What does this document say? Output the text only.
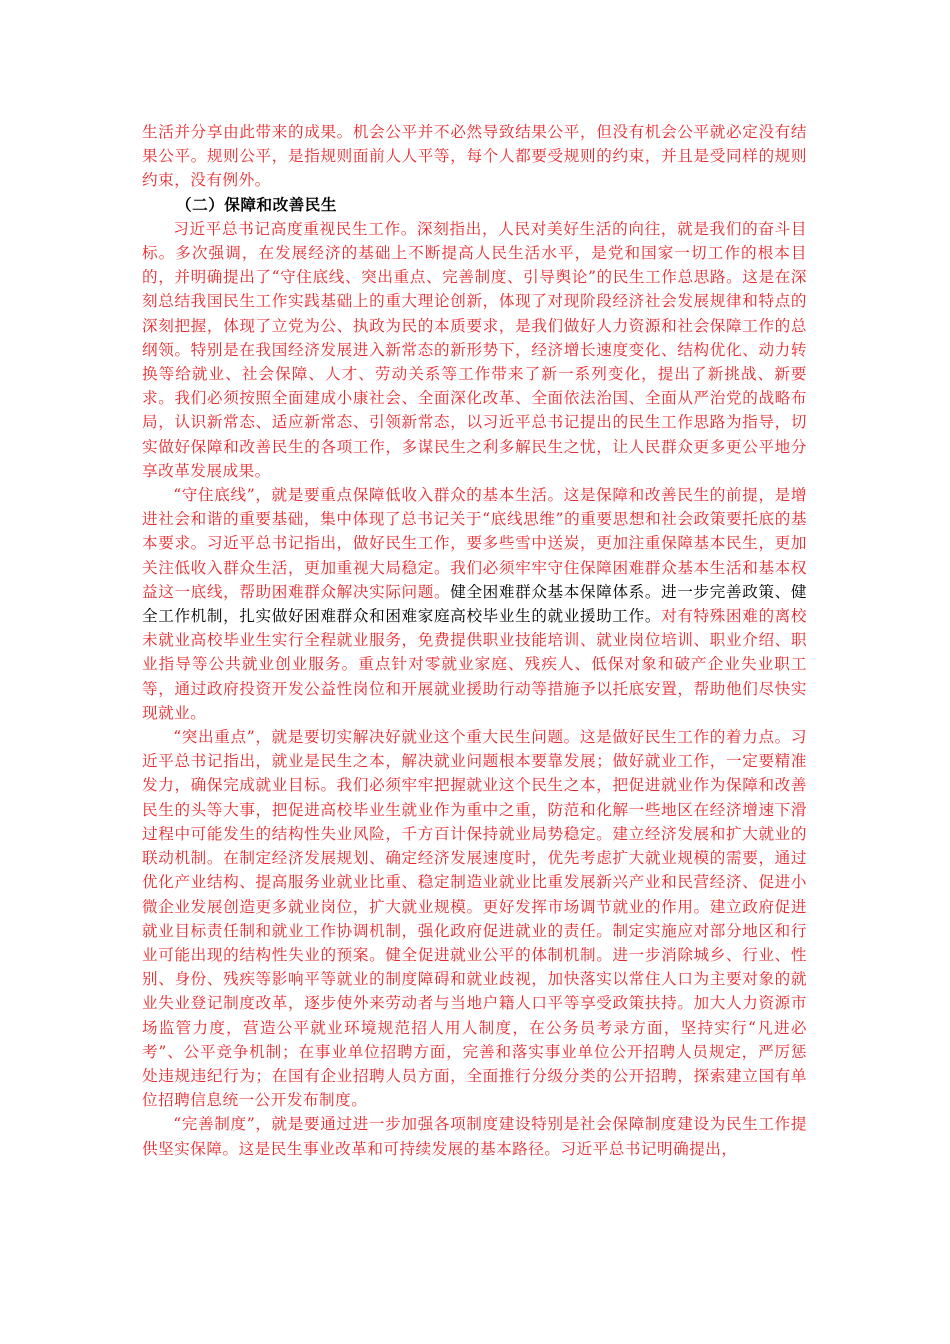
生活并分享由此带来的成果。机会公平并不必然导致结果公平，但没有机会公平就必定没有结果公平。规则公平，是指规则面前人人平等，每个人都要受规则的约束，并且是受同样的规则约束，没有例外。

（二）保障和改善民生

习近平总书记高度重视民生工作。深刻指出，人民对美好生活的向往，就是我们的奋斗目标。多次强调，在发展经济的基础上不断提高人民生活水平，是党和国家一切工作的根本目的，并明确提出了“守住底线、突出重点、完善制度、引导舆论”的民生工作总思路。这是在深刻总结我国民生工作实践基础上的重大理论创新，体现了对现阶段经济社会发展规律和特点的深刻把握，体现了立党为公、执政为民的本质要求，是我们做好人力资源和社会保障工作的总纲领。特别是在我国经济发展进入新常态的新形势下，经济增长速度变化、结构优化、动力转换等给就业、社会保障、人才、劳动关系等工作带来了新一系列变化，提出了新挑战、新要求。我们必须按照全面建成小康社会、全面深化改革、全面依法治国、全面从严治党的战略布局，认识新常态、适应新常态、引领新常态，以习近平总书记提出的民生工作思路为指导，切实做好保障和改善民生的各项工作，多谋民生之利多解民生之忧，让人民群众更多更公平地分享改革发展成果。

“守住底线”，就是要重点保障低收入群众的基本生活。这是保障和改善民生的前提，是增进社会和谐的重要基础，集中体现了总书记关于“底线思维”的重要思想和社会政策要托底的基本要求。习近平总书记指出，做好民生工作，要多些雪中送炭，更加注重保障基本民生，更加关注低收入群众生活，更加重视大局稳定。我们必须牢牢守住保障困难群众基本生活和基本权益这一底线，帮助困难群众解决实际问题。健全困难群众基本保障体系。进一步完善政策、健全工作机制，扎实做好困难群众和困难家庭高校毕业生的就业援助工作。对有特殊困难的离校未就业高校毕业生实行全程就业服务，免费提供职业技能培训、就业岗位培训、职业介绍、职业指导等公共就业创业服务。重点针对零就业家庭、残疾人、低保对象和破产企业失业职工等，通过政府投资开发公益性岗位和开展就业援助行动等措施予以托底安置，帮助他们尽快实现就业。

“突出重点”，就是要切实解决好就业这个重大民生问题。这是做好民生工作的着力点。习近平总书记指出，就业是民生之本，解决就业问题根本要靠发展；做好就业工作，一定要精准发力，确保完成就业目标。我们必须牢牢把握就业这个民生之本，把促进就业作为保障和改善民生的头等大事，把促进高校毕业生就业作为重中之重，防范和化解一些地区在经济增速下滑过程中可能发生的结构性失业风险，千方百计保持就业局势稳定。建立经济发展和扩大就业的联动机制。在制定经济发展规划、确定经济发展速度时，优先考虑扩大就业规模的需要，通过优化产业结构、提高服务业就业比重、稳定制造业就业比重发展新兴产业和民营经济、促进小微企业发展创造更多就业岗位，扩大就业规模。更好发挥市场调节就业的作用。建立政府促进就业目标责任制和就业工作协调机制，强化政府促进就业的责任。制定实施应对部分地区和行业可能出现的结构性失业的预案。健全促进就业公平的体制机制。进一步消除城乡、行业、性别、身份、残疾等影响平等就业的制度障碍和就业歧视，加快落实以常住人口为主要对象的就业失业登记制度改革，逐步使外来劳动者与当地户籍人口平等享受政策扶持。加大人力资源市场监管力度，营造公平就业环境规范招人用人制度，在公务员考录方面，坚持实行“凡进必考”、公平竞争机制；在事业单位招聘方面，完善和落实事业单位公开招聘人员规定，严厉惩处违规违纪行为；在国有企业招聘人员方面，全面推行分级分类的公开招聘，探索建立国有单位招聘信息统一公开发布制度。

“完善制度”，就是要通过进一步加强各项制度建设特别是社会保障制度建设为民生工作提供坚实保障。这是民生事业改革和可持续发展的基本路径。习近平总书记明确提出，
